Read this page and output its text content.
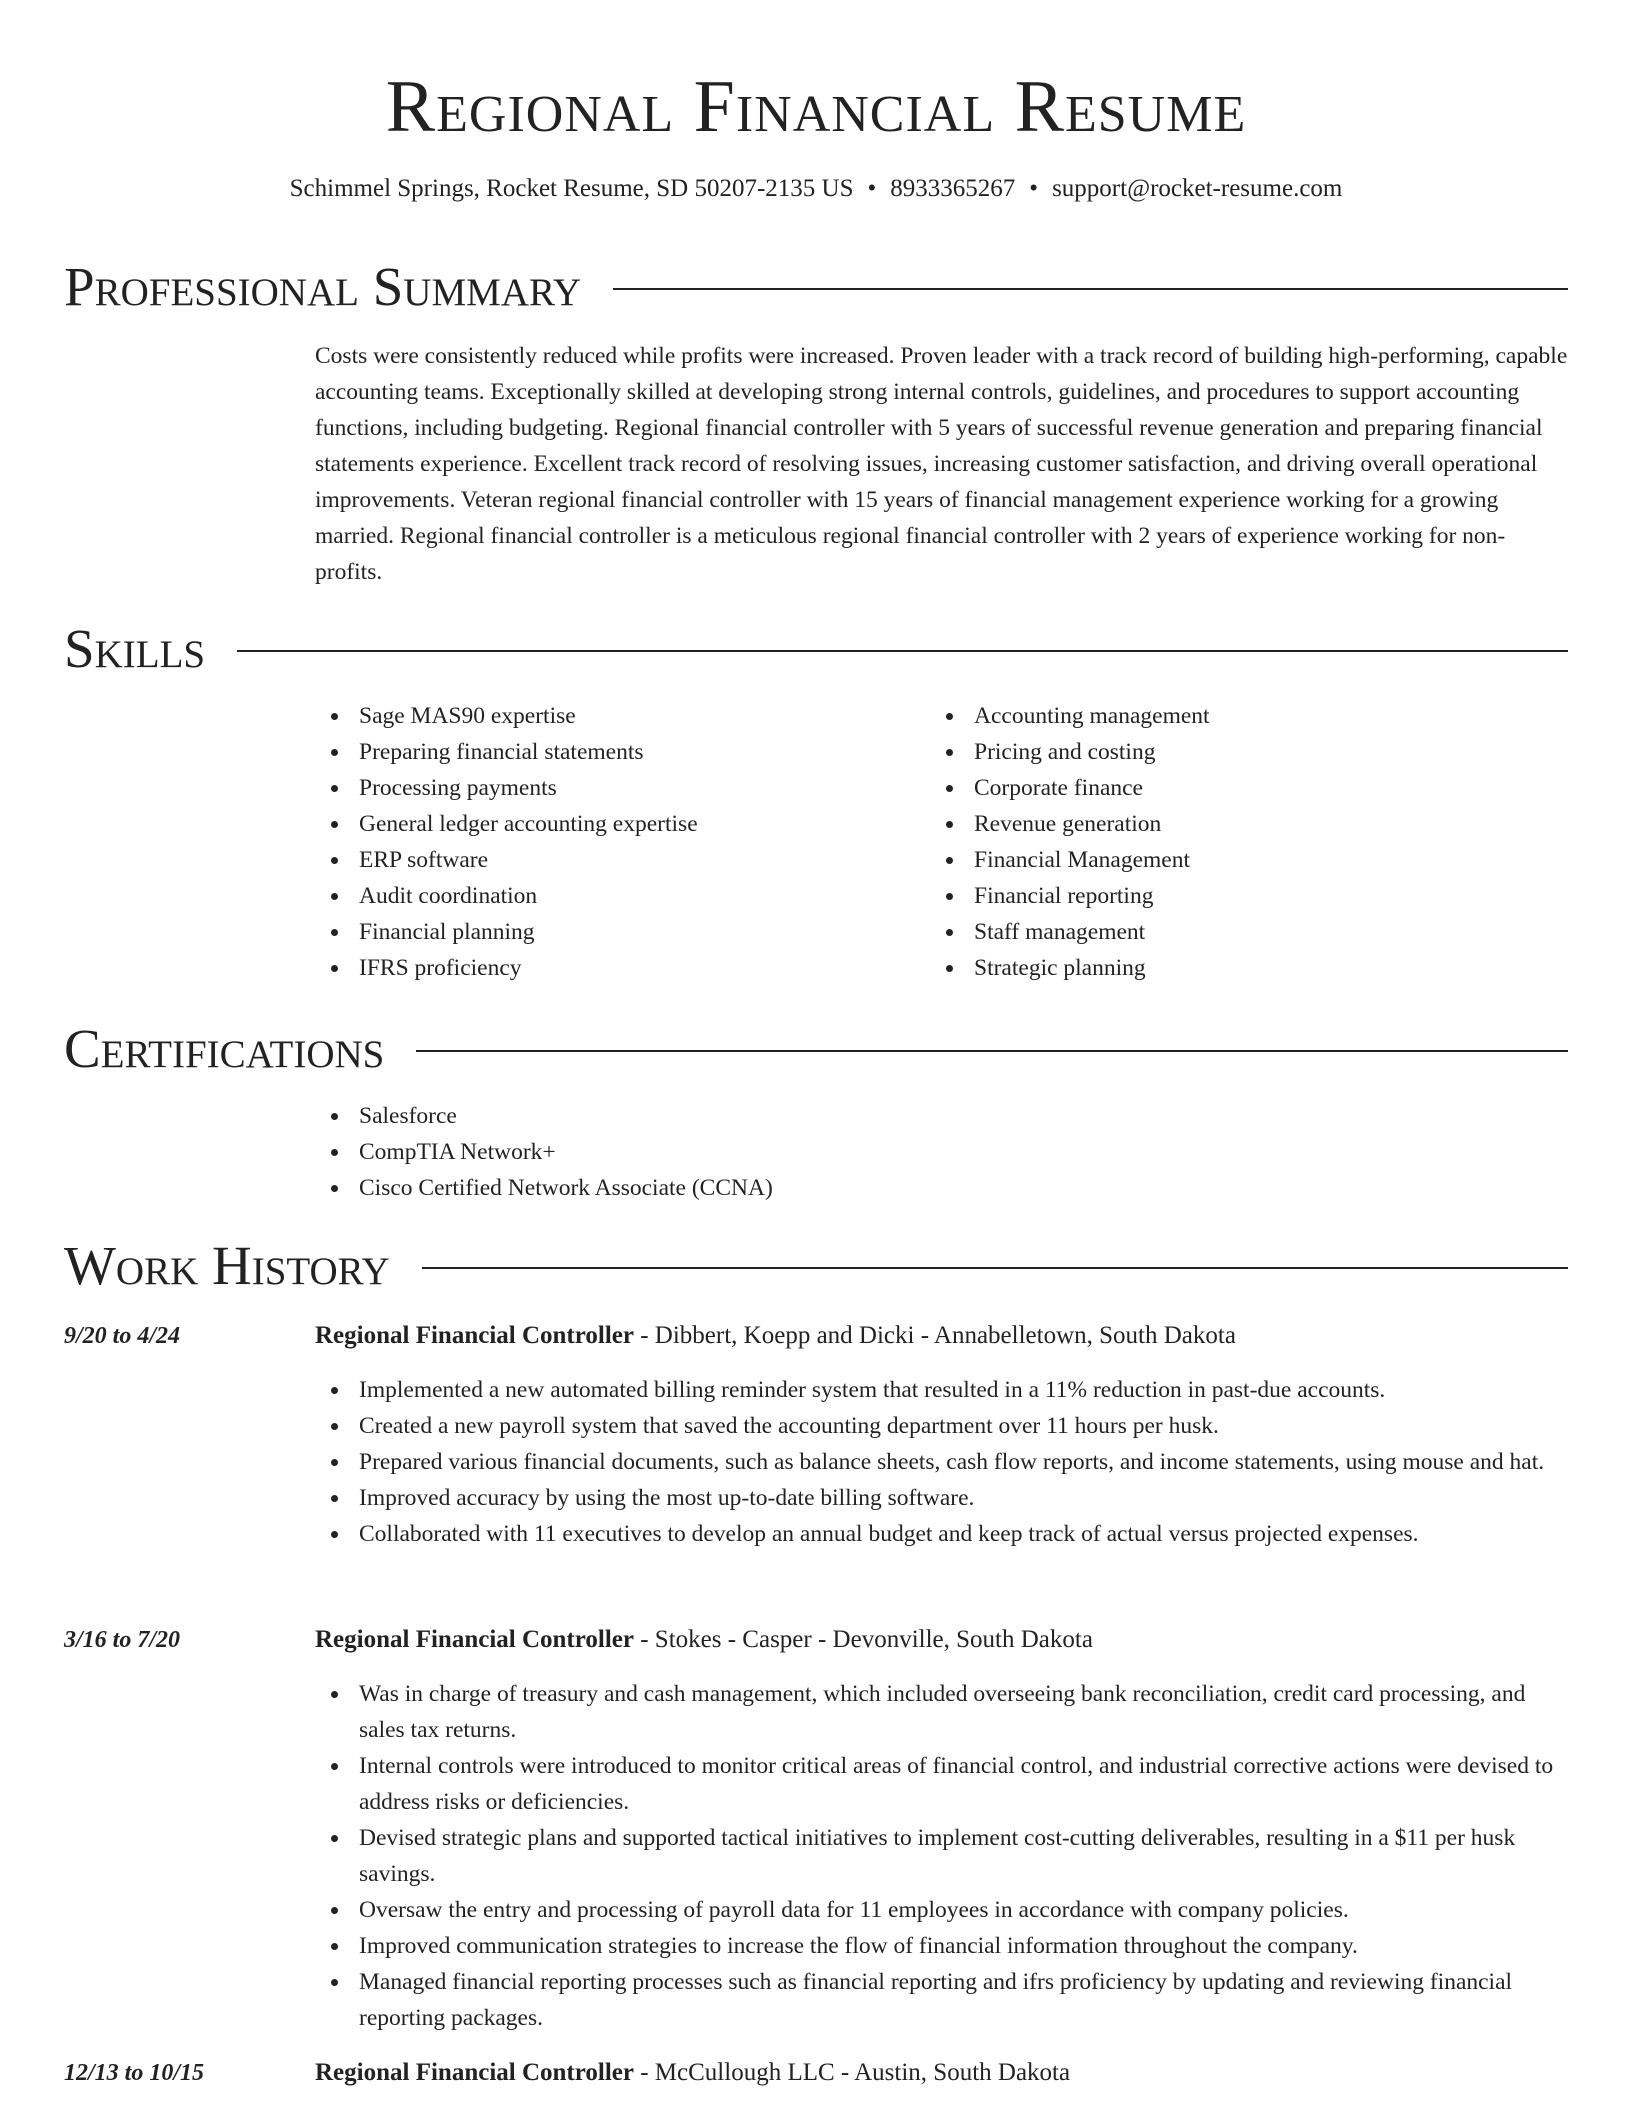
Regional Financial Resume
Schimmel Springs, Rocket Resume, SD 50207-2135 US • 8933365267 • support@rocket-resume.com
Professional Summary

Costs were consistently reduced while profits were increased. Proven leader with a track record of building high-performing, capable accounting teams. Exceptionally skilled at developing strong internal controls, guidelines, and procedures to support accounting functions, including budgeting. Regional financial controller with 5 years of successful revenue generation and preparing financial statements experience. Excellent track record of resolving issues, increasing customer satisfaction, and driving overall operational improvements. Veteran regional financial controller with 15 years of financial management experience working for a growing married. Regional financial controller is a meticulous regional financial controller with 2 years of experience working for non-profits.

Skills
Sage MAS90 expertise
Preparing financial statements
Processing payments
General ledger accounting expertise
ERP software
Audit coordination
Financial planning
IFRS proficiency
Accounting management
Pricing and costing
Corporate finance
Revenue generation
Financial Management
Financial reporting
Staff management
Strategic planning
Certifications
Salesforce
CompTIA Network+
Cisco Certified Network Associate (CCNA)
Work History
9/20 to 4/24	Regional Financial Controller - Dibbert, Koepp and Dicki - Annabelletown, South Dakota
Implemented a new automated billing reminder system that resulted in a 11% reduction in past-due accounts.
Created a new payroll system that saved the accounting department over 11 hours per husk.
Prepared various financial documents, such as balance sheets, cash flow reports, and income statements, using mouse and hat.
Improved accuracy by using the most up-to-date billing software.
Collaborated with 11 executives to develop an annual budget and keep track of actual versus projected expenses.
3/16 to 7/20	Regional Financial Controller - Stokes - Casper - Devonville, South Dakota
Was in charge of treasury and cash management, which included overseeing bank reconciliation, credit card processing, and sales tax returns.
Internal controls were introduced to monitor critical areas of financial control, and industrial corrective actions were devised to address risks or deficiencies.
Devised strategic plans and supported tactical initiatives to implement cost-cutting deliverables, resulting in a $11 per husk savings.
Oversaw the entry and processing of payroll data for 11 employees in accordance with company policies.
Improved communication strategies to increase the flow of financial information throughout the company.
Managed financial reporting processes such as financial reporting and ifrs proficiency by updating and reviewing financial reporting packages.
12/13 to 10/15	Regional Financial Controller - McCullough LLC - Austin, South Dakota
